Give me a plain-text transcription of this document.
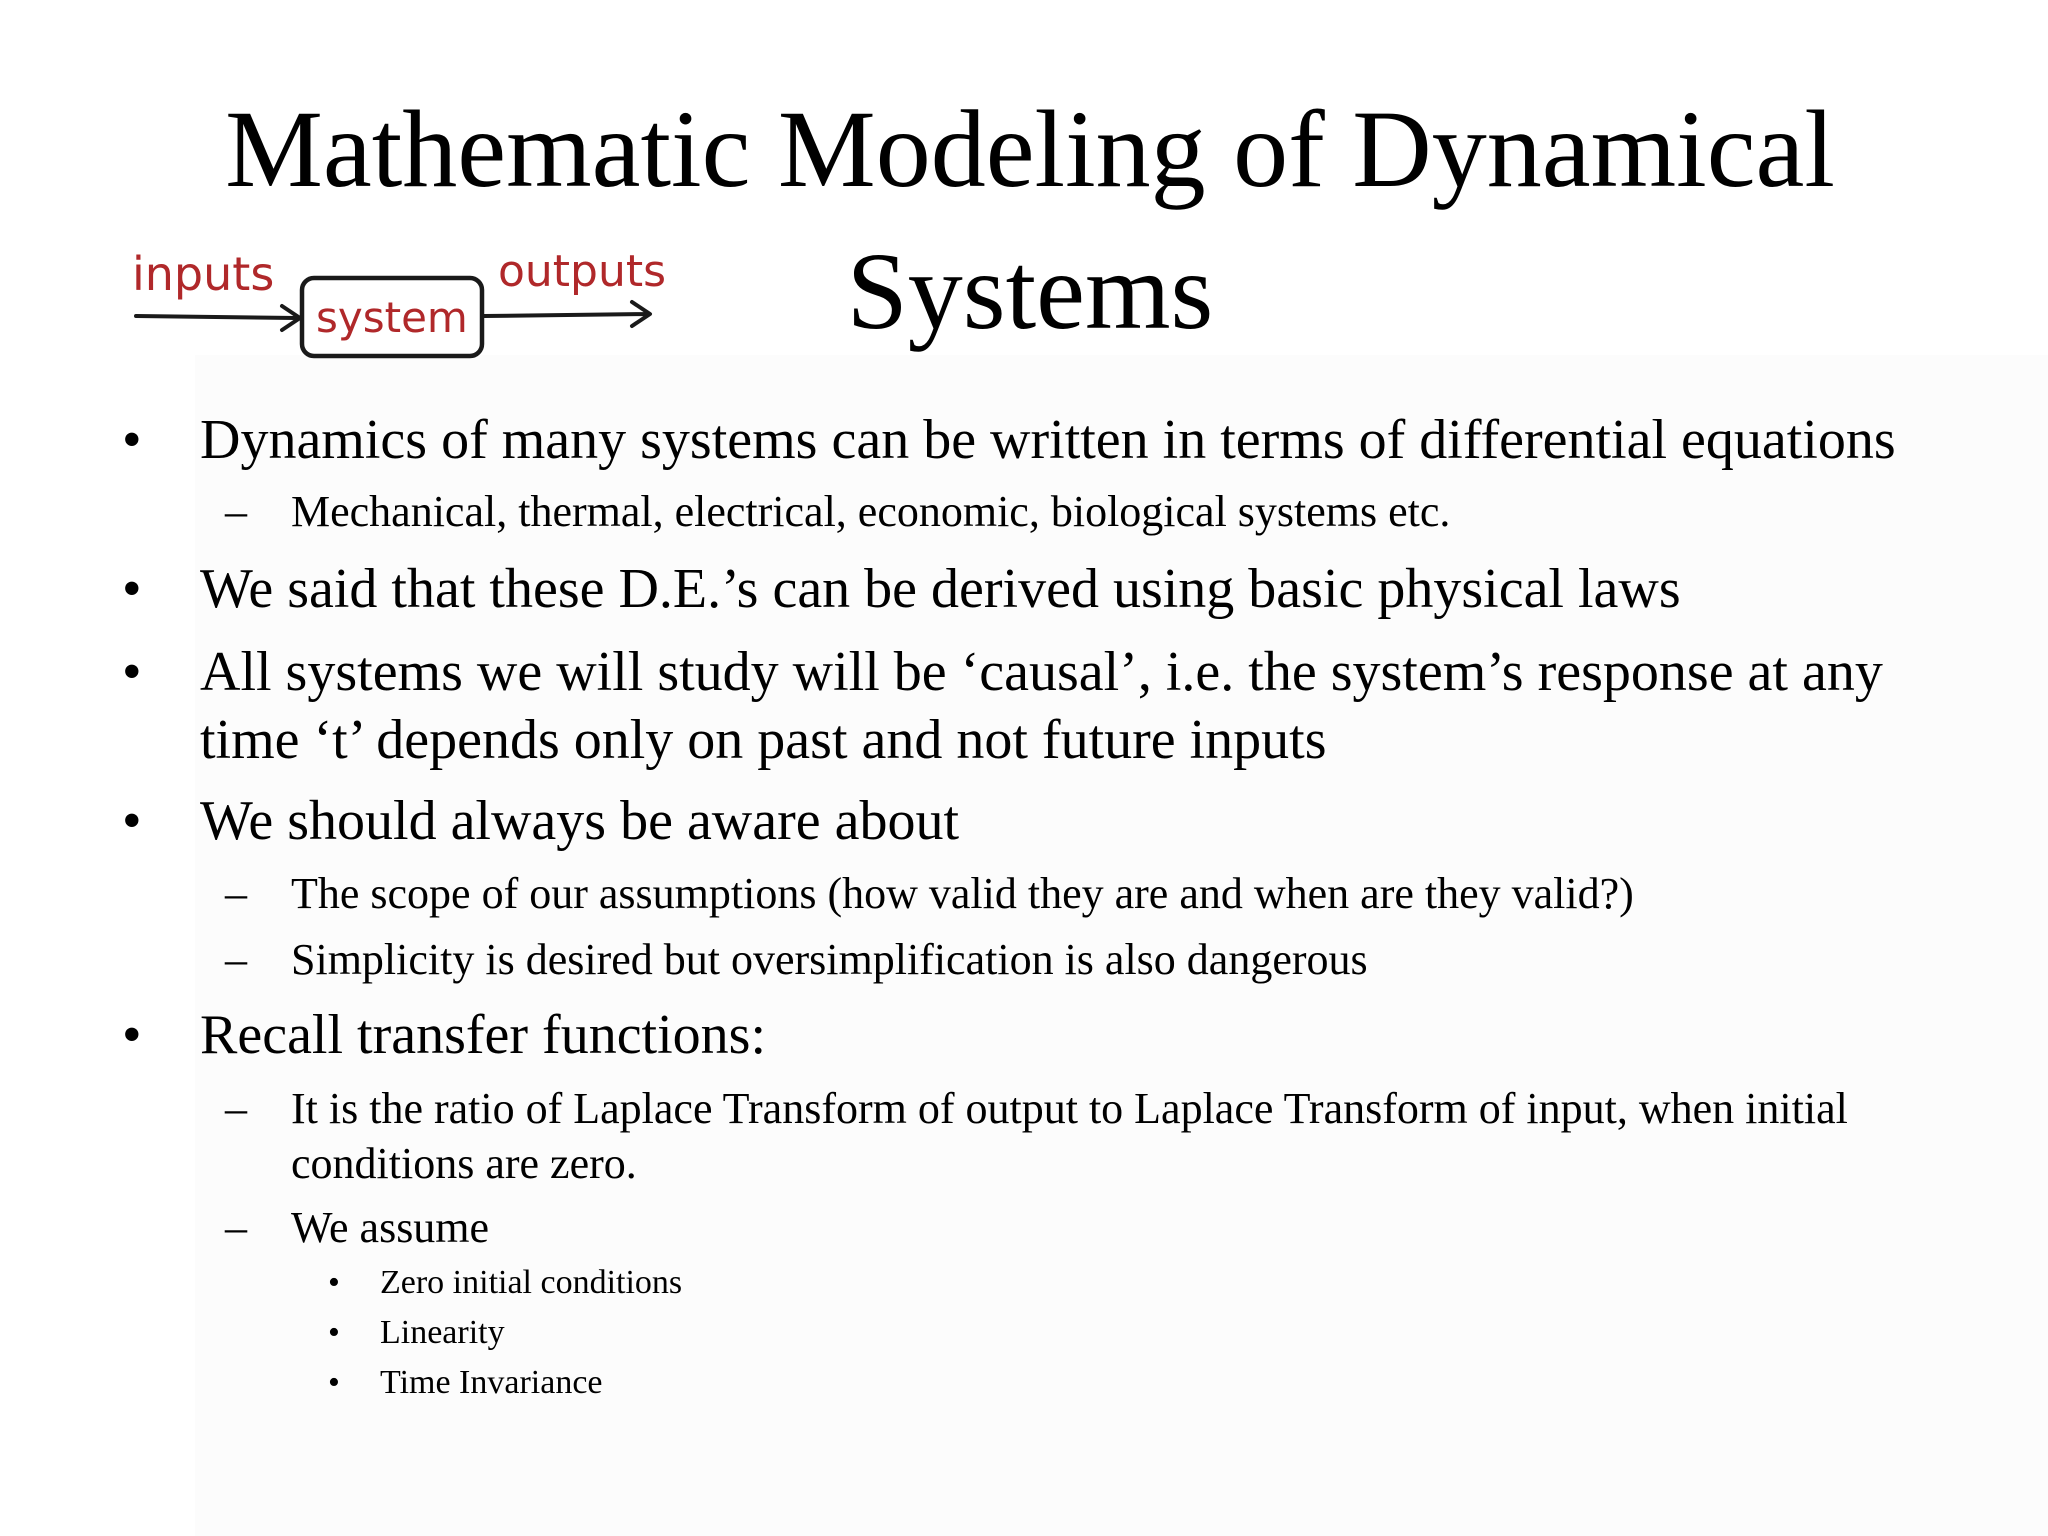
Mathematic Modeling of Dynamical Systems
inputs
system
outputs
•	Dynamics of many systems can be written in terms of differential equations
–	Mechanical, thermal, electrical, economic, biological systems etc.
•	We said that these D.E.’s can be derived using basic physical laws
•	All systems we will study will be ‘causal’, i.e. the system’s response at any time ‘t’ depends only on past and not future inputs
•	We should always be aware about
–	The scope of our assumptions (how valid they are and when are they valid?)
–	Simplicity is desired but oversimplification is also dangerous
•	Recall transfer functions:
–	It is the ratio of Laplace Transform of output to Laplace Transform of input, when initial conditions are zero.
–	We assume
•	Zero initial conditions
•	Linearity
•	Time Invariance
